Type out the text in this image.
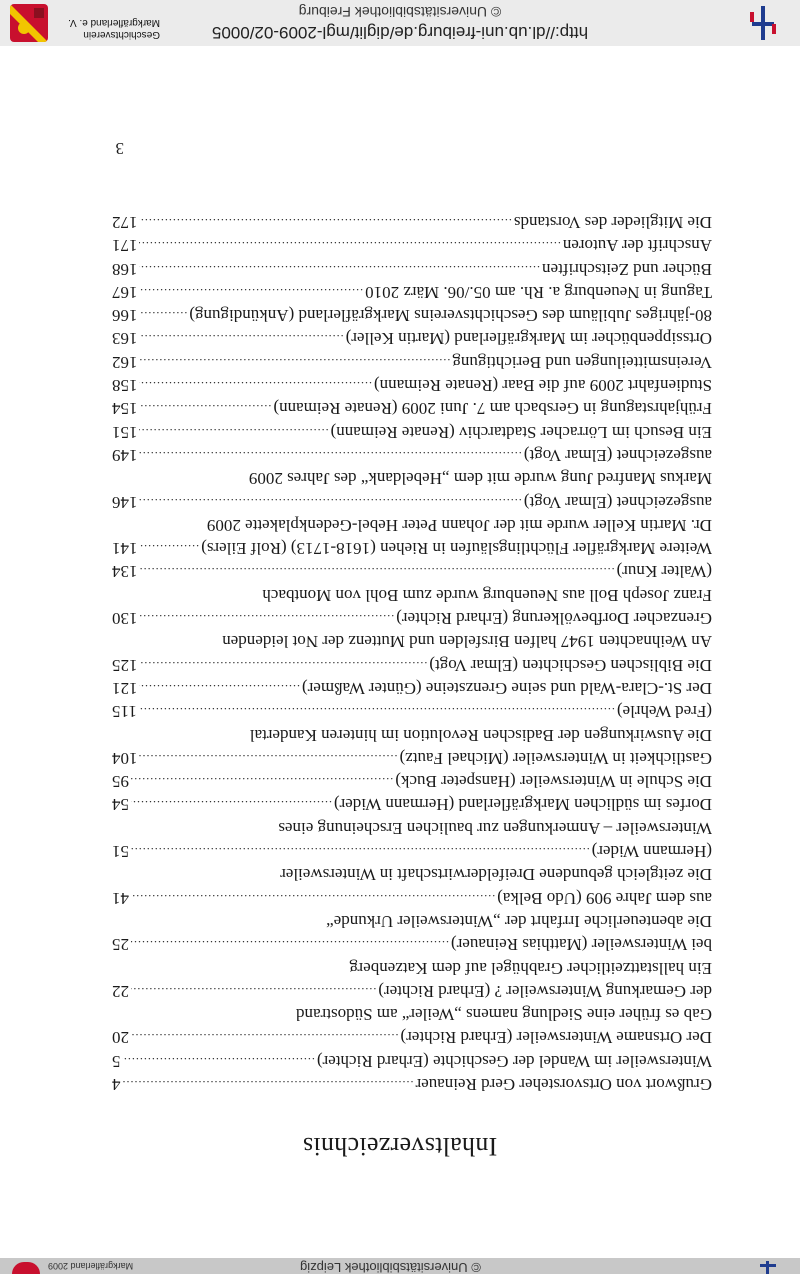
http://dl.ub.uni-freiburg.de/diglit/mgl-2009-02/0005
© Universitätsbibliothek Freiburg
Geschichtsverein
Markgräflerland e. V.
Inhaltsverzeichnis
Grußwort von Ortsvorsteher Gerd Reinauer
.....
4
Wintersweiler im Wandel der Geschichte (Erhard Richter)
.....
5
Der Ortsname Wintersweiler (Erhard Richter)
.....
20
Gab es früher eine Siedlung namens „Weiler“ am Südostrand
der Gemarkung Wintersweiler ? (Erhard Richter)
.....
22
Ein hallstattzeitlicher Grabhügel auf dem Katzenberg
bei Wintersweiler (Matthias Reinauer)
.....
25
Die abenteuerliche Irrfahrt der „Wintersweiler Urkunde“
aus dem Jahre 909 (Udo Belka)
.....
41
Die zeitgleich gebundene Dreifelderwirtschaft in Wintersweiler
(Hermann Wider)
.....
51
Wintersweiler – Anmerkungen zur baulichen Erscheinung eines
Dorfes im südlichen Markgräflerland (Hermann Wider)
.....
54
Die Schule in Wintersweiler (Hanspeter Buck)
.....
95
Gastlichkeit in Wintersweiler (Michael Fautz)
.....
104
Die Auswirkungen der Badischen Revolution im hinteren Kandertal
(Fred Wehrle)
.....
115
Der St.-Clara-Wald und seine Grenzsteine (Günter Waßmer)
.....
121
Die Biblischen Geschichten (Elmar Vogt)
.....
125
An Weihnachten 1947 halfen Birsfelden und Muttenz der Not leidenden
Grenzacher Dorfbevölkerung (Erhard Richter)
.....
130
Franz Joseph Boll aus Neuenburg wurde zum Bohl von Montbach
(Walter Knur)
.....
134
Weitere Markgräfler Flüchtlingsläufen in Riehen (1618-1713) (Rolf Eilers)
.....
141
Dr. Martin Keller wurde mit der Johann Peter Hebel-Gedenkplakette 2009
ausgezeichnet (Elmar Vogt)
.....
146
Markus Manfred Jung wurde mit dem „Hebeldank“ des Jahres 2009
ausgezeichnet (Elmar Vogt)
.....
149
Ein Besuch im Lörracher Stadtarchiv (Renate Reimann)
.....
151
Frühjahrstagung in Gersbach am 7. Juni 2009 (Renate Reimann)
.....
154
Studienfahrt 2009 auf die Baar (Renate Reimann)
.....
158
Vereinsmitteilungen und Berichtigung
.....
162
Ortssippenbücher im Markgräflerland (Martin Keller)
.....
163
80-jähriges Jubiläum des Geschichtsvereins Markgräflerland (Ankündigung)
.....
166
Tagung in Neuenburg a. Rh. am 05./06. März 2010
.....
167
Bücher und Zeitschriften
.....
168
Anschrift der Autoren
.....
171
Die Mitglieder des Vorstands
.....
172
3
Markgräflerland 2009	© Universitätsbibliothek Leipzig
